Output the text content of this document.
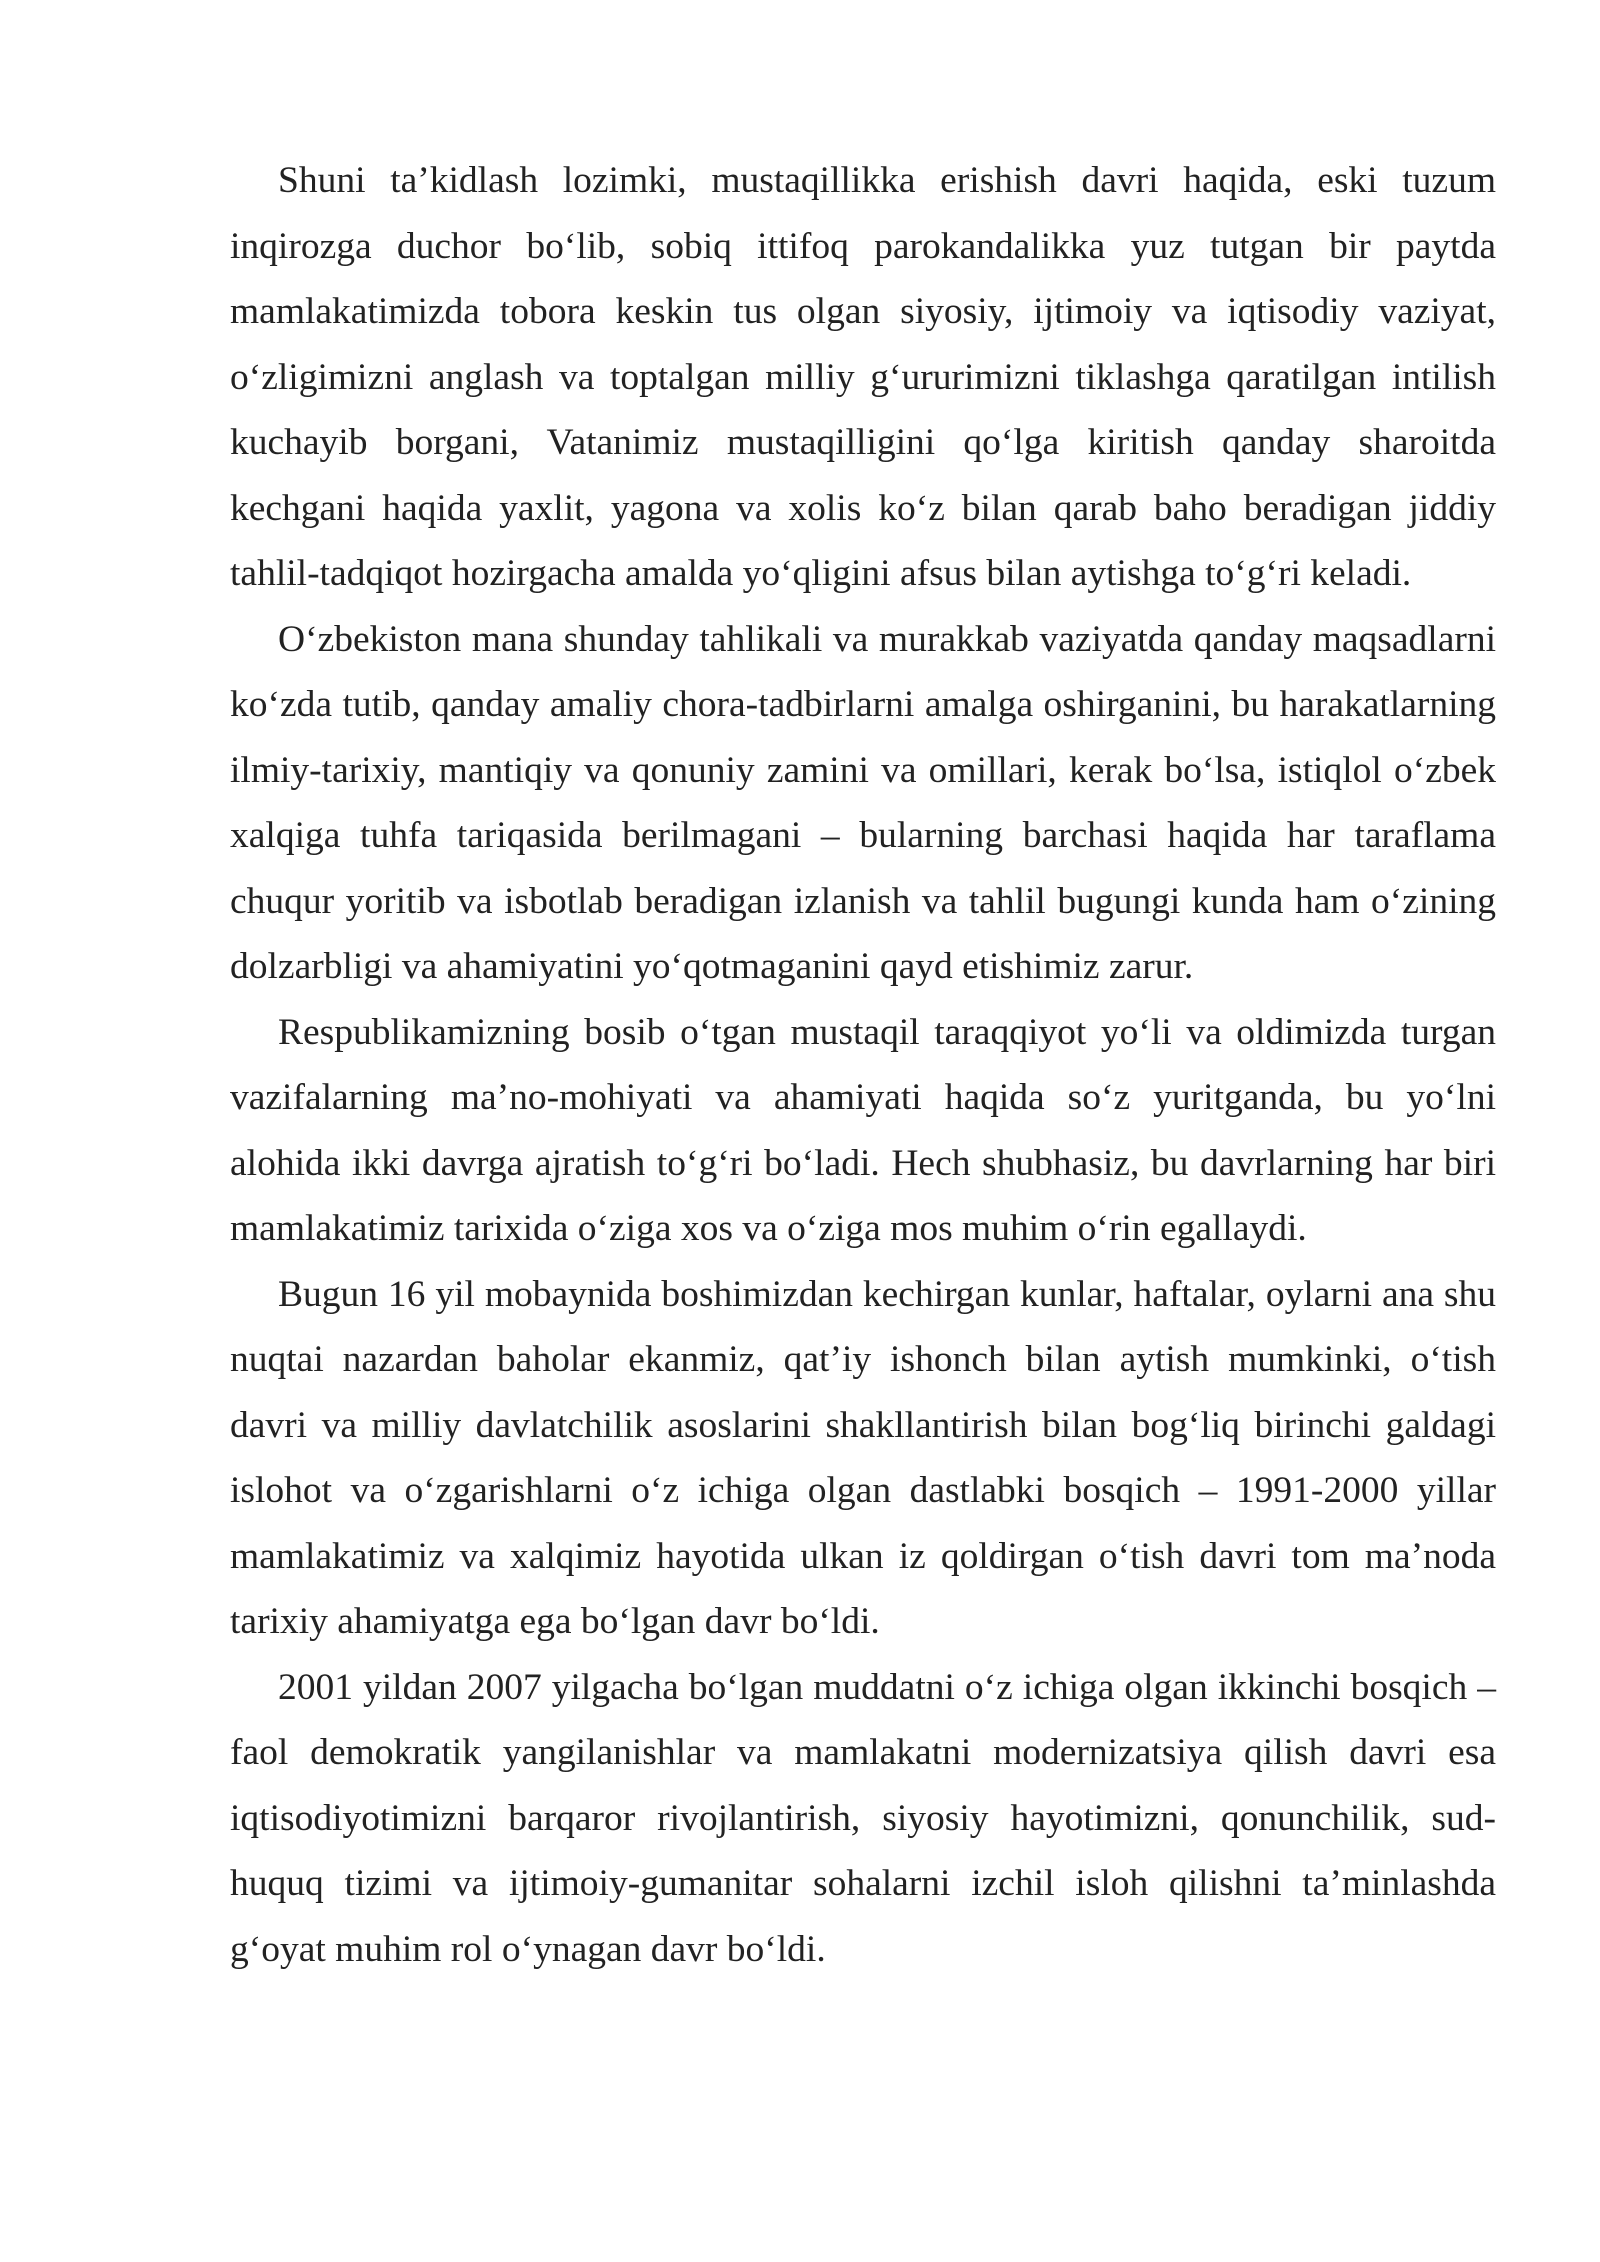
Shuni ta’kidlash lozimki, mustaqillikka erishish davri haqida, eski tuzum inqirozga duchor bo‘lib, sobiq ittifoq parokandalikka yuz tutgan bir paytda mamlakatimizda tobora keskin tus olgan siyosiy, ijtimoiy va iqtisodiy vaziyat, o‘zligimizni anglash va toptalgan milliy g‘ururimizni tiklashga qaratilgan intilish kuchayib borgani, Vatanimiz mustaqilligini qo‘lga kiritish qanday sharoitda kechgani haqida yaxlit, yagona va xolis ko‘z bilan qarab baho beradigan jiddiy tahlil-tadqiqot hozirgacha amalda yo‘qligini afsus bilan aytishga to‘g‘ri keladi.

O‘zbekiston mana shunday tahlikali va murakkab vaziyatda qanday maqsadlarni ko‘zda tutib, qanday amaliy chora-tadbirlarni amalga oshirganini, bu harakatlarning ilmiy-tarixiy, mantiqiy va qonuniy zamini va omillari, kerak bo‘lsa, istiqlol o‘zbek xalqiga tuhfa tariqasida berilmagani – bularning barchasi haqida har taraflama chuqur yoritib va isbotlab beradigan izlanish va tahlil bugungi kunda ham o‘zining dolzarbligi va ahamiyatini yo‘qotmaganini qayd etishimiz zarur.

Respublikamizning bosib o‘tgan mustaqil taraqqiyot yo‘li va oldimizda turgan vazifalarning ma’no-mohiyati va ahamiyati haqida so‘z yuritganda, bu yo‘lni alohida ikki davrga ajratish to‘g‘ri bo‘ladi. Hech shubhasiz, bu davrlarning har biri mamlakatimiz tarixida o‘ziga xos va o‘ziga mos muhim o‘rin egallaydi.

Bugun 16 yil mobaynida boshimizdan kechirgan kunlar, haftalar, oylarni ana shu nuqtai nazardan baholar ekanmiz, qat’iy ishonch bilan aytish mumkinki, o‘tish davri va milliy davlatchilik asoslarini shakllantirish bilan bog‘liq birinchi galdagi islohot va o‘zgarishlarni o‘z ichiga olgan dastlabki bosqich – 1991-2000 yillar mamlakatimiz va xalqimiz hayotida ulkan iz qoldirgan o‘tish davri tom ma’noda tarixiy ahamiyatga ega bo‘lgan davr bo‘ldi.

2001 yildan 2007 yilgacha bo‘lgan muddatni o‘z ichiga olgan ikkinchi bosqich – faol demokratik yangilanishlar va mamlakatni modernizatsiya qilish davri esa iqtisodiyotimizni barqaror rivojlantirish, siyosiy hayotimizni, qonunchilik, sud-huquq tizimi va ijtimoiy-gumanitar sohalarni izchil isloh qilishni ta’minlashda g‘oyat muhim rol o‘ynagan davr bo‘ldi.
